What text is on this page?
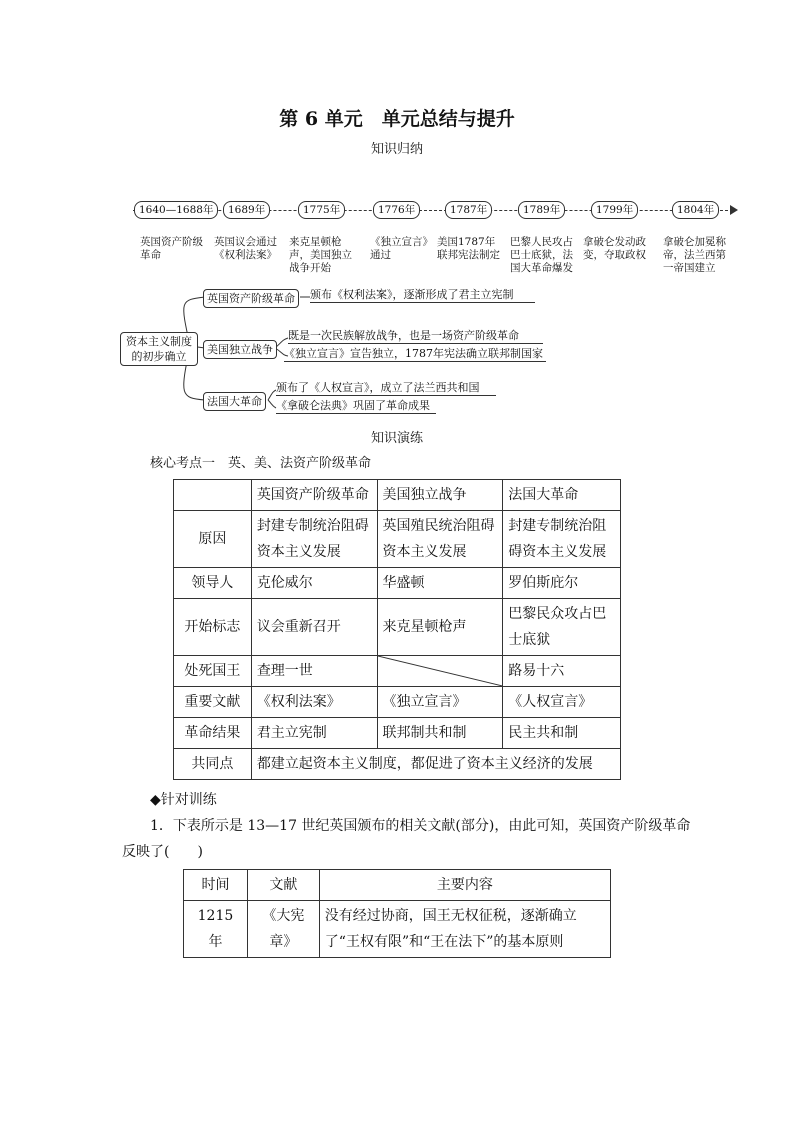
第 6 单元　单元总结与提升
知识归纳
1640—1688年	1689年	1775年	1776年	1787年	1789年	1799年	1804年
英国资产阶级革命
英国议会通过《权利法案》
来克星顿枪声，美国独立战争开始
《独立宣言》通过
美国1787年联邦宪法制定
巴黎人民攻占巴士底狱，法国大革命爆发
拿破仑发动政变，夺取政权
拿破仑加冕称帝，法兰西第一帝国建立
资本主义制度的初步确立
英国资产阶级革命	颁布《权利法案》，逐渐形成了君主立宪制
美国独立战争
既是一次民族解放战争，也是一场资产阶级革命
《独立宣言》宣告独立，1787年宪法确立联邦制国家
法国大革命
颁布了《人权宣言》，成立了法兰西共和国
《拿破仑法典》巩固了革命成果
知识演练
核心考点一　英、美、法资产阶级革命
	英国资产阶级革命	美国独立战争	法国大革命
原因	封建专制统治阻碍资本主义发展	英国殖民统治阻碍资本主义发展	封建专制统治阻碍资本主义发展
领导人	克伦威尔	华盛顿	罗伯斯庇尔
开始标志	议会重新召开	来克星顿枪声	巴黎民众攻占巴士底狱
处死国王	查理一世		路易十六
重要文献	《权利法案》	《独立宣言》	《人权宣言》
革命结果	君主立宪制	联邦制共和制	民主共和制
共同点	都建立起资本主义制度，都促进了资本主义经济的发展		
◆针对训练
1．下表所示是 13—17 世纪英国颁布的相关文献(部分)，由此可知，英国资产阶级革命
反映了(　　)
时间	文献	主要内容
1215 年	《大宪章》	没有经过协商，国王无权征税，逐渐确立了“王权有限”和“王在法下”的基本原则
